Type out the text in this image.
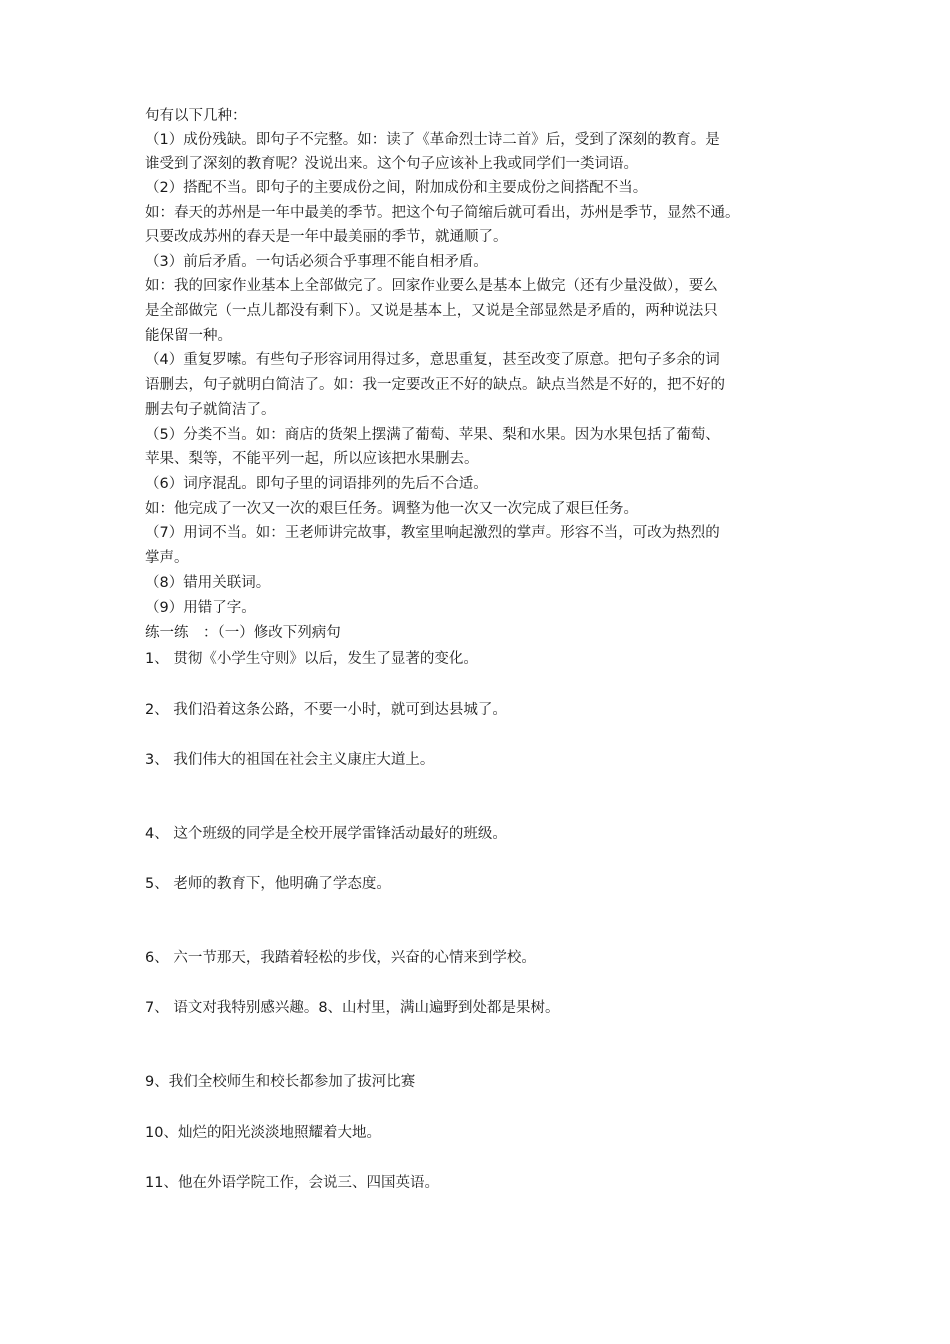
句有以下几种：
（1）成份残缺。即句子不完整。如：读了《革命烈士诗二首》后，受到了深刻的教育。是
谁受到了深刻的教育呢？没说出来。这个句子应该补上我或同学们一类词语。
（2）搭配不当。即句子的主要成份之间，附加成份和主要成份之间搭配不当。
如：春天的苏州是一年中最美的季节。把这个句子简缩后就可看出，苏州是季节，显然不通。
只要改成苏州的春天是一年中最美丽的季节，就通顺了。
（3）前后矛盾。一句话必须合乎事理不能自相矛盾。
如：我的回家作业基本上全部做完了。回家作业要么是基本上做完（还有少量没做），要么
是全部做完（一点儿都没有剩下）。又说是基本上，又说是全部显然是矛盾的，两种说法只
能保留一种。
（4）重复罗嗦。有些句子形容词用得过多，意思重复，甚至改变了原意。把句子多余的词
语删去，句子就明白简洁了。如：我一定要改正不好的缺点。缺点当然是不好的，把不好的
删去句子就简洁了。
（5）分类不当。如：商店的货架上摆满了葡萄、苹果、梨和水果。因为水果包括了葡萄、
苹果、梨等，不能平列一起，所以应该把水果删去。
（6）词序混乱。即句子里的词语排列的先后不合适。
如：他完成了一次又一次的艰巨任务。调整为他一次又一次完成了艰巨任务。
（7）用词不当。如：王老师讲完故事，教室里响起激烈的掌声。形容不当，可改为热烈的
掌声。
（8）错用关联词。
（9）用错了字。
练一练　：（一）修改下列病句
1、 贯彻《小学生守则》以后，发生了显著的变化。
2、 我们沿着这条公路，不要一小时，就可到达县城了。
3、 我们伟大的祖国在社会主义康庄大道上。
4、 这个班级的同学是全校开展学雷锋活动最好的班级。
5、 老师的教育下，他明确了学态度。
6、 六一节那天，我踏着轻松的步伐，兴奋的心情来到学校。
7、 语文对我特别感兴趣。8、山村里，满山遍野到处都是果树。
9、我们全校师生和校长都参加了拔河比赛
10、灿烂的阳光淡淡地照耀着大地。
11、他在外语学院工作，会说三、四国英语。
